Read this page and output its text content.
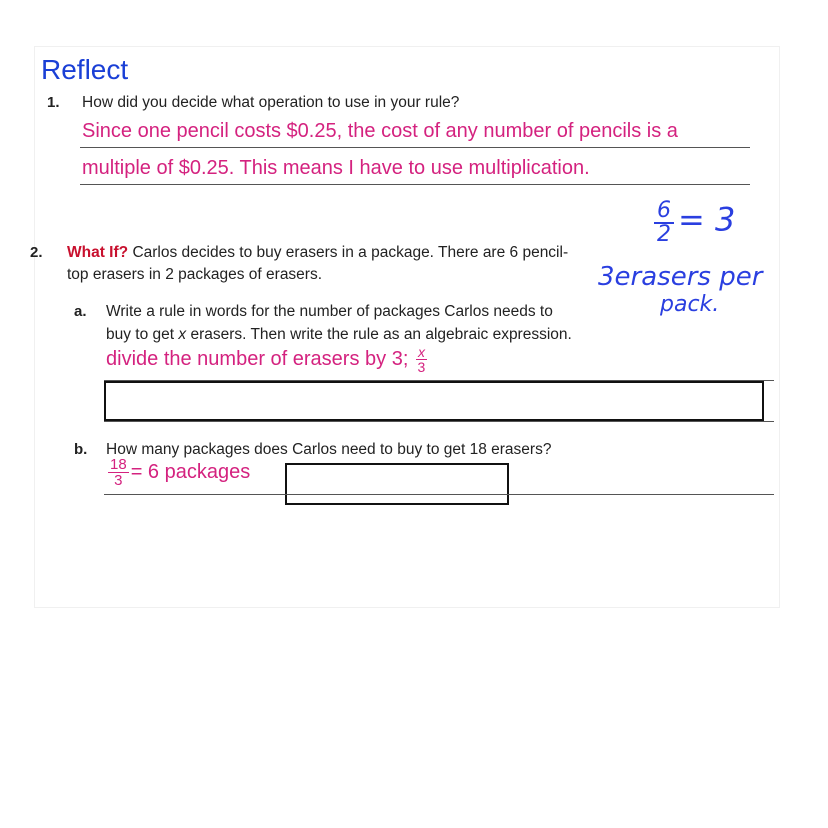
Reflect
1. How did you decide what operation to use in your rule?
Since one pencil costs $0.25, the cost of any number of pencils is a
multiple of $0.25. This means I have to use multiplication.
2. What If? Carlos decides to buy erasers in a package. There are 6 pencil-
top erasers in 2 packages of erasers.
a. Write a rule in words for the number of packages Carlos needs to
buy to get x erasers. Then write the rule as an algebraic expression.
divide the number of erasers by 3; $\frac{x}{3}$
b. How many packages does Carlos need to buy to get 18 erasers?
$\frac{18}{3} = 6$ packages
$\frac{6}{2} = 3$
3erasers per
pack.
